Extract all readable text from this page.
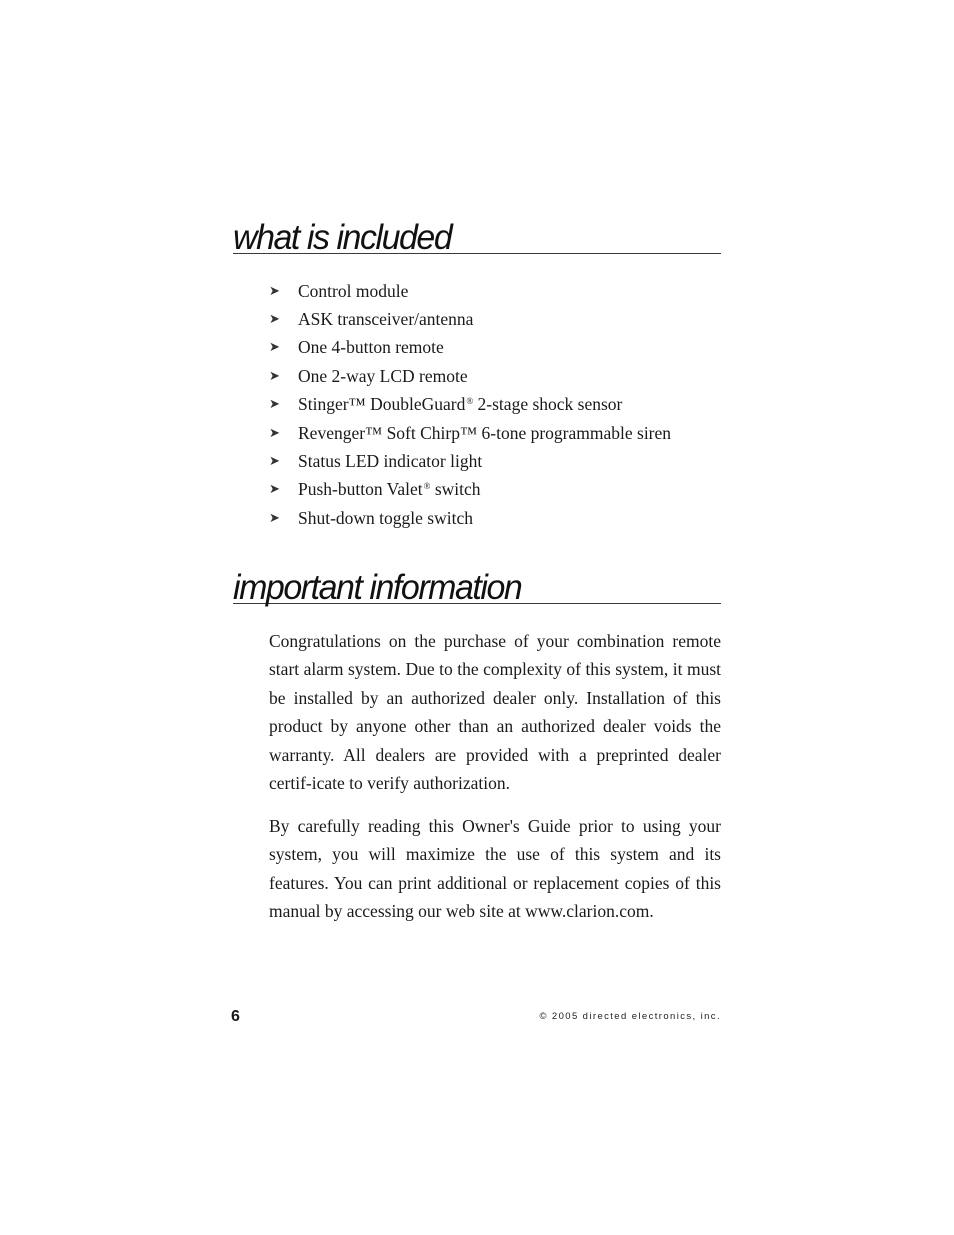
what is included
➤	Control module
➤	ASK transceiver/antenna
➤	One 4-button remote
➤	One 2-way LCD remote
➤	Stinger™ DoubleGuard® 2-stage shock sensor
➤	Revenger™ Soft Chirp™ 6-tone programmable siren
➤	Status LED indicator light
➤	Push-button Valet® switch
➤	Shut-down toggle switch
important information

Congratulations on the purchase of your combination remote start alarm system. Due to the complexity of this system, it must be installed by an authorized dealer only. Installation of this product by anyone other than an authorized dealer voids the warranty. All dealers are provided with a preprinted dealer certif-icate to verify authorization.

By carefully reading this Owner's Guide prior to using your system, you will maximize the use of this system and its features. You can print additional or replacement copies of this manual by accessing our web site at www.clarion.com.

6	© 2005 directed electronics, inc.
